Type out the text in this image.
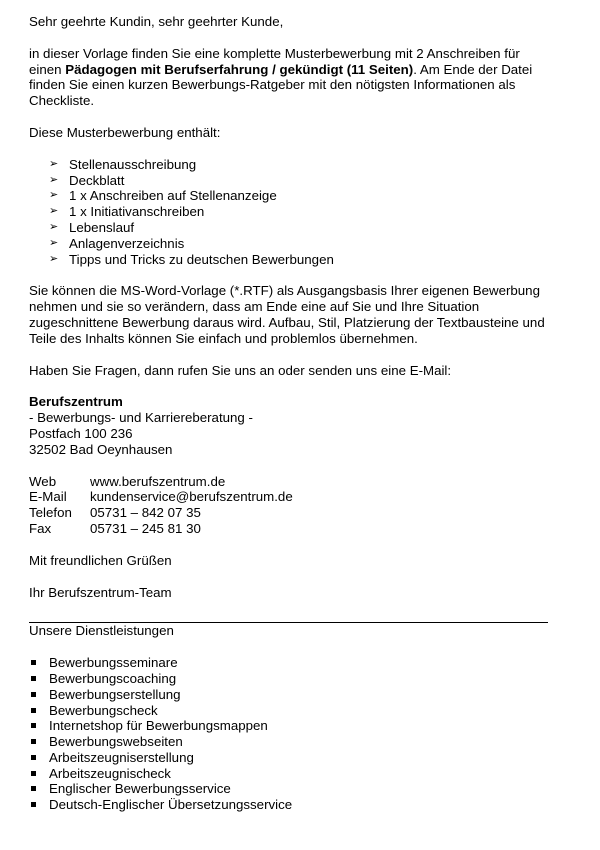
Sehr geehrte Kundin, sehr geehrter Kunde,

in dieser Vorlage finden Sie eine komplette Musterbewerbung mit 2 Anschreiben für einen Pädagogen mit Berufserfahrung / gekündigt (11 Seiten). Am Ende der Datei finden Sie einen kurzen Bewerbungs-Ratgeber mit den nötigsten Informationen als Checkliste.

Diese Musterbewerbung enthält:

➢ Stellenausschreibung
➢ Deckblatt
➢ 1 x Anschreiben auf Stellenanzeige
➢ 1 x Initiativanschreiben
➢ Lebenslauf
➢ Anlagenverzeichnis
➢ Tipps und Tricks zu deutschen Bewerbungen

Sie können die MS-Word-Vorlage (*.RTF) als Ausgangsbasis Ihrer eigenen Bewerbung nehmen und sie so verändern, dass am Ende eine auf Sie und Ihre Situation zugeschnittene Bewerbung daraus wird. Aufbau, Stil, Platzierung der Textbausteine und Teile des Inhalts können Sie einfach und problemlos übernehmen.

Haben Sie Fragen, dann rufen Sie uns an oder senden uns eine E-Mail:

Berufszentrum

- Bewerbungs- und Karriereberatung -

Postfach 100 236

32502 Bad Oeynhausen

Web	www.berufszentrum.de
E-Mail	kundenservice@berufszentrum.de
Telefon	05731 – 842 07 35
Fax	05731 – 245 81 30

Mit freundlichen Grüßen

Ihr Berufszentrum-Team

Unsere Dienstleistungen

Bewerbungsseminare
Bewerbungscoaching
Bewerbungserstellung
Bewerbungscheck
Internetshop für Bewerbungsmappen
Bewerbungswebseiten
Arbeitszeugniserstellung
Arbeitszeugnischeck
Englischer Bewerbungsservice
Deutsch-Englischer Übersetzungsservice
